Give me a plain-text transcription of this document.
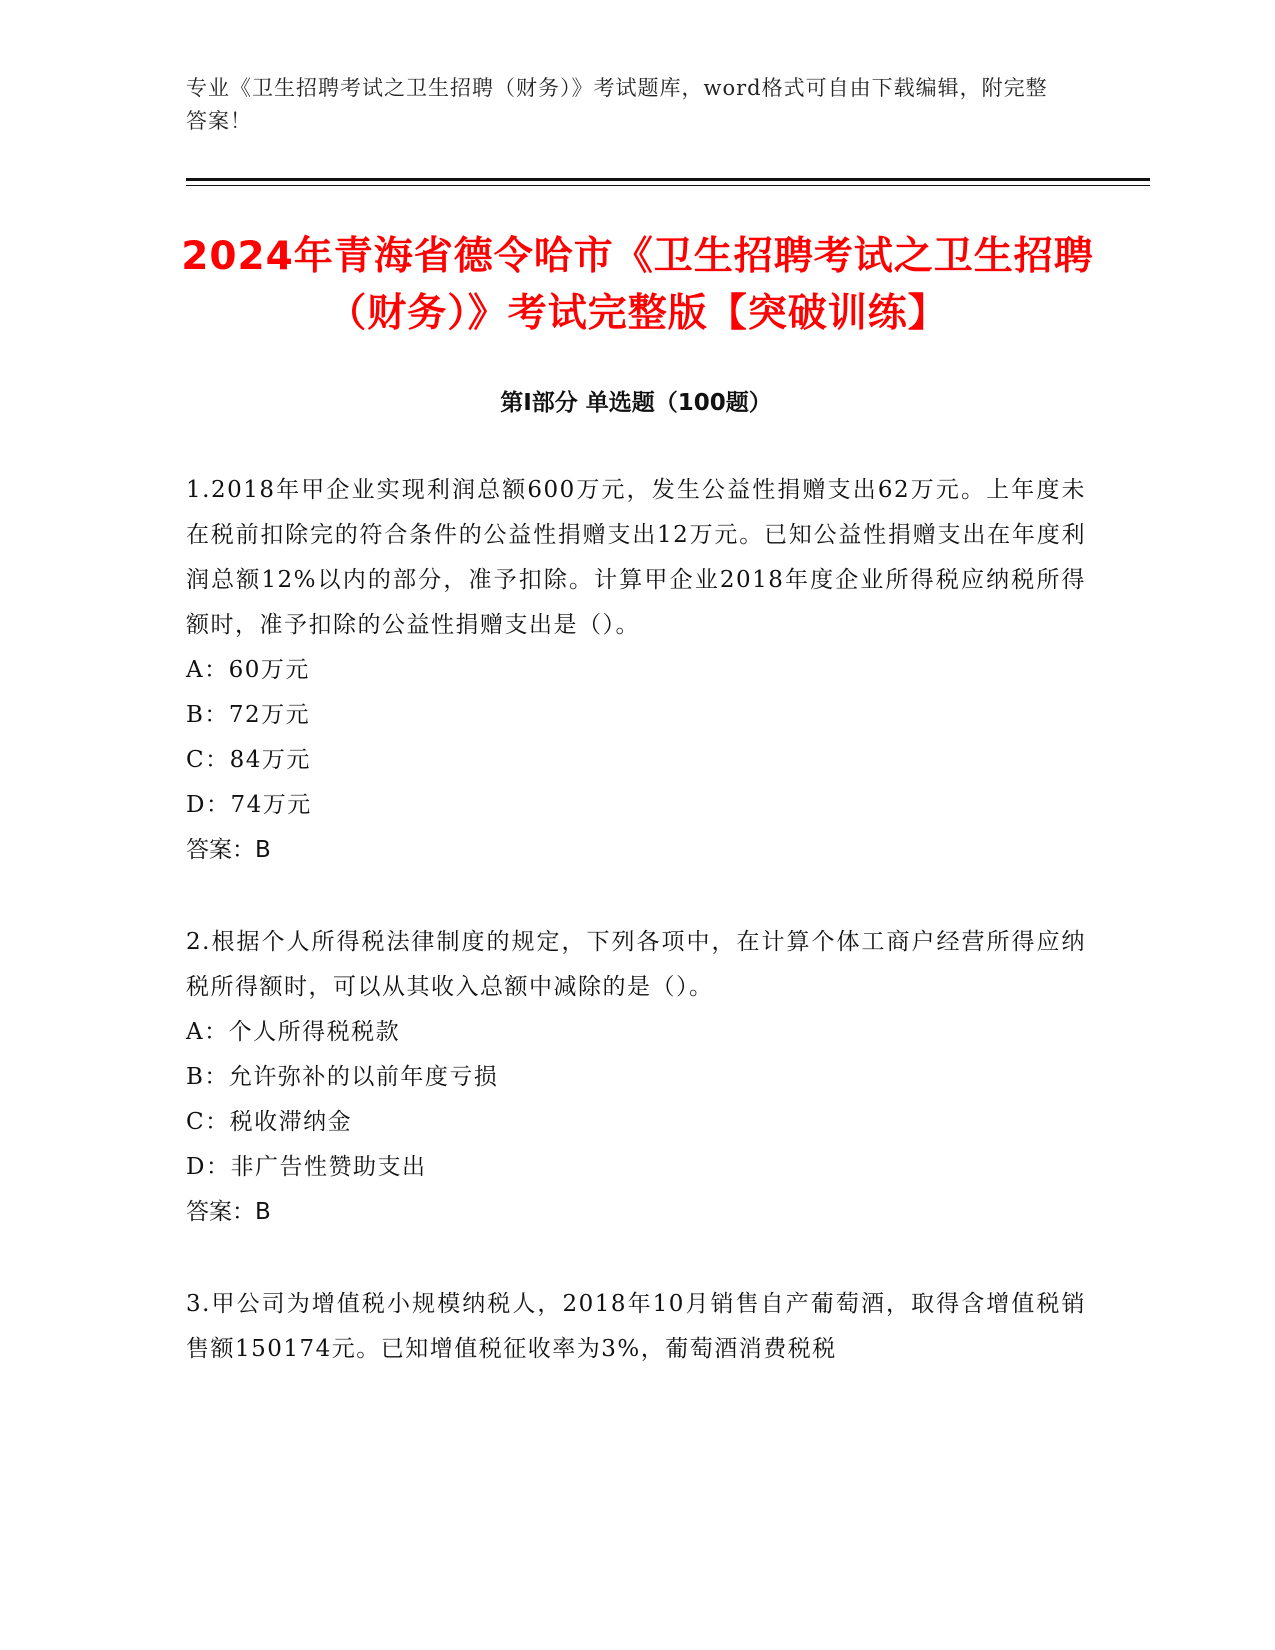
专业《卫生招聘考试之卫生招聘（财务）》考试题库，word格式可自由下载编辑，附完整答案！

2024年青海省德令哈市《卫生招聘考试之卫生招聘（财务）》考试完整版【突破训练】
第Ⅰ部分 单选题（100题）

1.2018年甲企业实现利润总额600万元，发生公益性捐赠支出62万元。上年度未在税前扣除完的符合条件的公益性捐赠支出12万元。已知公益性捐赠支出在年度利润总额12%以内的部分，准予扣除。计算甲企业2018年度企业所得税应纳税所得额时，准予扣除的公益性捐赠支出是（）。

A：60万元

B：72万元

C：84万元

D：74万元

答案：B

2.根据个人所得税法律制度的规定，下列各项中，在计算个体工商户经营所得应纳税所得额时，可以从其收入总额中减除的是（）。

A：个人所得税税款

B：允许弥补的以前年度亏损

C：税收滞纳金

D：非广告性赞助支出

答案：B

3.甲公司为增值税小规模纳税人，2018年10月销售自产葡萄酒，取得含增值税销售额150174元。已知增值税征收率为3%，葡萄酒消费税税
